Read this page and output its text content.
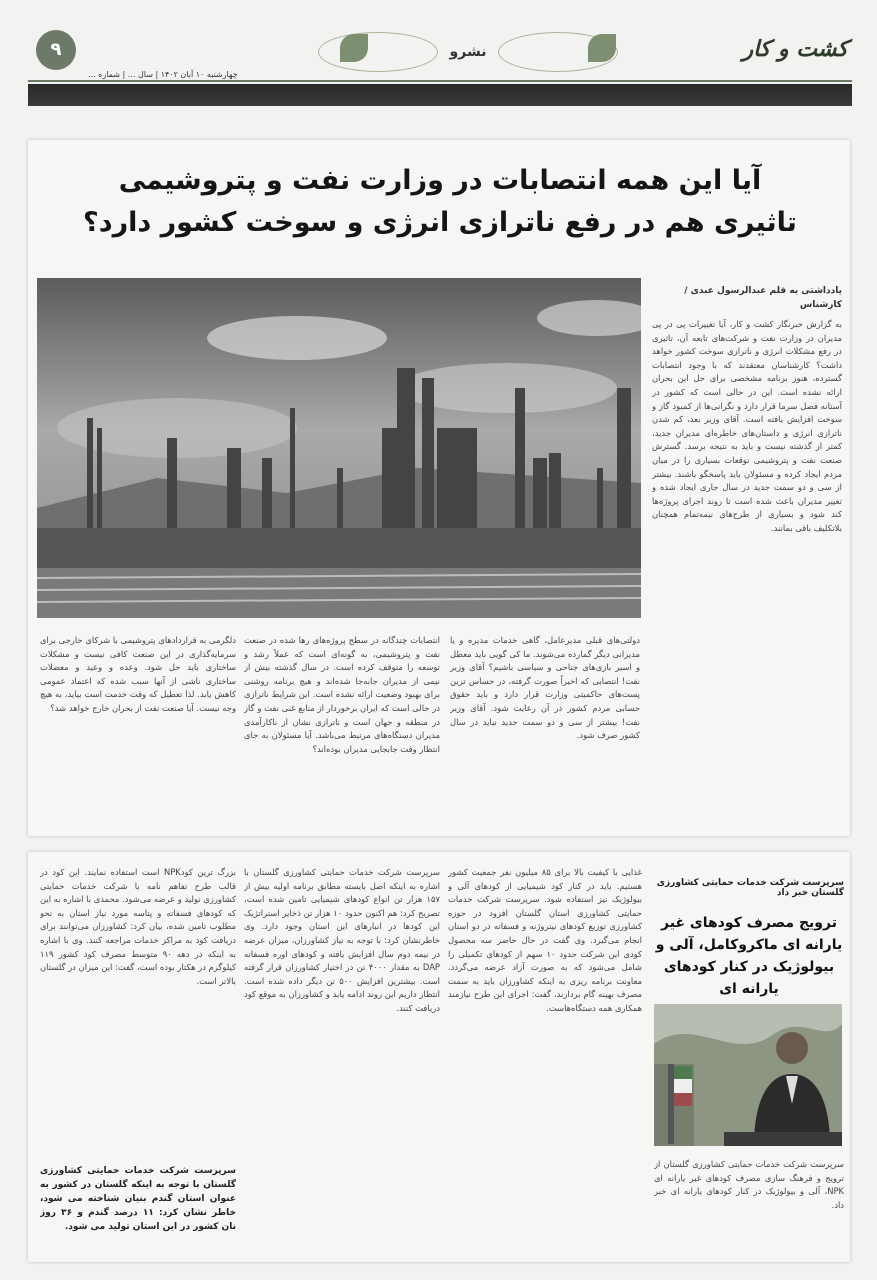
کشت و کار
نشرو
۹
چهارشنبه ۱۰ آبان ۱۴۰۲ | سال ... | شماره ...
آیا این همه انتصابات در وزارت نفت و پتروشیمی
تاثیری هم در رفع ناترازی انرژی و سوخت کشور دارد؟
یادداشتی به قلم عبدالرسول عبدی / کارشناس
به گزارش خبرنگار کشت و کار، آیا تغییرات پی در پی مدیران در وزارت نفت و شرکت‌های تابعه آن، تاثیری در رفع مشکلات انرژی و ناترازی سوخت کشور خواهد داشت؟ کارشناسان معتقدند که با وجود انتصابات گسترده، هنوز برنامه مشخصی برای حل این بحران ارائه نشده است. این در حالی است که کشور در آستانه فصل سرما قرار دارد و نگرانی‌ها از کمبود گاز و سوخت افزایش یافته است. آقای وزیر بعد، کم شدن ناترازی انرژی و داستان‌های خاطره‌ای مدیران جدید، کمتر از گذشته نیست و باید به نتیجه برسد. گسترش صنعت نفت و پتروشیمی توقعات بسیاری را در میان مردم ایجاد کرده و مسئولان باید پاسخگو باشند. بیشتر از سی و دو سمت جدید در سال جاری ایجاد شده و تغییر مدیران باعث شده است تا روند اجرای پروژه‌ها کند شود و بسیاری از طرح‌های نیمه‌تمام همچنان بلاتکلیف باقی بمانند.
دولتی‌های قبلی مدیرعامل، گاهی خدمات مدیره و یا مدیرانی دیگر گمارده می‌شوند. ما کی گویی باید معطل و اسیر بازی‌های جناحی و سیاسی باشیم؟ آقای وزیر نفت! انتصابی که اخیراً صورت گرفته، در حساس ترین پست‌های حاکمیتی وزارت قرار دارد و باید حقوق حسابی مردم کشور در آن رعایت شود. آقای وزیر نفت! بیشتر از سی و دو سمت جدید نباید در سال کشور صرف شود.
انتصابات چندگانه در سطح پروژه‌های رها شده در صنعت نفت و پتروشیمی، به گونه‌ای است که عملاً رشد و توسعه را متوقف کرده است. در سال گذشته بیش از نیمی از مدیران جابه‌جا شده‌اند و هیچ برنامه روشنی برای بهبود وضعیت ارائه نشده است. این شرایط ناترازی در حالی است که ایران برخوردار از منابع غنی نفت و گاز در منطقه و جهان است و ناترازی نشان از ناکارآمدی مدیران دستگاه‌های مرتبط می‌باشد. آیا مسئولان به جای انتظار وقت جابجایی مدیران بوده‌اند؟
دلگرمی به قراردادهای پتروشیمی با شرکای خارجی برای سرمایه‌گذاری در این صنعت کافی نیست و مشکلات ساختاری باید حل شود. وعده و وعید و معضلات ساختاری ناشی از آنها سبب شده که اعتماد عمومی کاهش یابد. لذا تعطیل که وقت خدمت است بیاید، به هیچ وجه نیست. آیا صنعت نفت از بحران خارج خواهد شد؟
سرپرست شرکت خدمات حمایتی کشاورزی گلستان خبر داد
ترویج مصرف کودهای غیر یارانه ای ماکروکامل، آلی و بیولوژیک در کنار کودهای یارانه ای
سرپرست شرکت خدمات حمایتی کشاورزی گلستان از ترویج و فرهنگ سازی مصرف کودهای غیر یارانه ای NPK، آلی و بیولوژیک در کنار کودهای یارانه ای خبر داد.
غذایی با کیفیت بالا برای ۸۵ میلیون نفر جمعیت کشور هستیم. باید در کنار کود شیمیایی از کودهای آلی و بیولوژیک نیز استفاده شود. سرپرست شرکت خدمات حمایتی کشاورزی استان گلستان افزود در حوزه کشاورزی توزیع کودهای نیتروژنه و فسفاته در دو استان انجام می‌گیرد. وی گفت در حال حاضر سه محصول کودی این شرکت حدود ۱۰ سهم از کودهای تکمیلی را شامل می‌شود که به صورت آزاد عرضه می‌گردد. معاونت برنامه ریزی به اینکه کشاورزان باید به سمت مصرف بهینه گام بردارند، گفت: اجرای این طرح نیازمند همکاری همه دستگاه‌هاست.
سرپرست شرکت خدمات حمایتی کشاورزی گلستان با اشاره به اینکه اصل بایسته مطابق برنامه اولیه بیش از ۱۵۷ هزار تن انواع کودهای شیمیایی تامین شده است، تصریح کرد: هم اکنون حدود ۱۰ هزار تن ذخایر استراتژیک این کودها در انبارهای این استان وجود دارد. وی خاطرنشان کرد: با توجه به نیاز کشاورزان، میزان عرضه در نیمه دوم سال افزایش یافته و کودهای اوره فسفاته DAP به مقدار ۴۰۰۰ تن در اختیار کشاورزان قرار گرفته است. بیشترین افزایش ۵۰۰ تن دیگر داده شده است. انتظار داریم این روند ادامه یابد و کشاورزان به موقع کود دریافت کنند.
بزرگ ترین کودNPK است استفاده نمایند. این کود در قالب طرح تفاهم نامه با شرکت خدمات حمایتی کشاورزی تولید و عرضه می‌شود. محمدی با اشاره به این که کودهای فسفاته و پتاسه مورد نیاز استان به نحو مطلوب تامین شده، بیان کرد: کشاورزان می‌توانند برای دریافت کود به مراکز خدمات مراجعه کنند. وی با اشاره به اینکه در دهه ۹۰ متوسط مصرف کود کشور ۱۱۹ کیلوگرم در هکتار بوده است، گفت: این میزان در گلستان بالاتر است.
سرپرست شرکت خدمات حمایتی کشاورزی گلستان با توجه به اینکه گلستان در کشور به عنوان استان گندم بنیان شناخته می شود، خاطر نشان کرد: ۱۱ درصد گندم و ۳۶ روز نان کشور در این استان تولید می شود.
